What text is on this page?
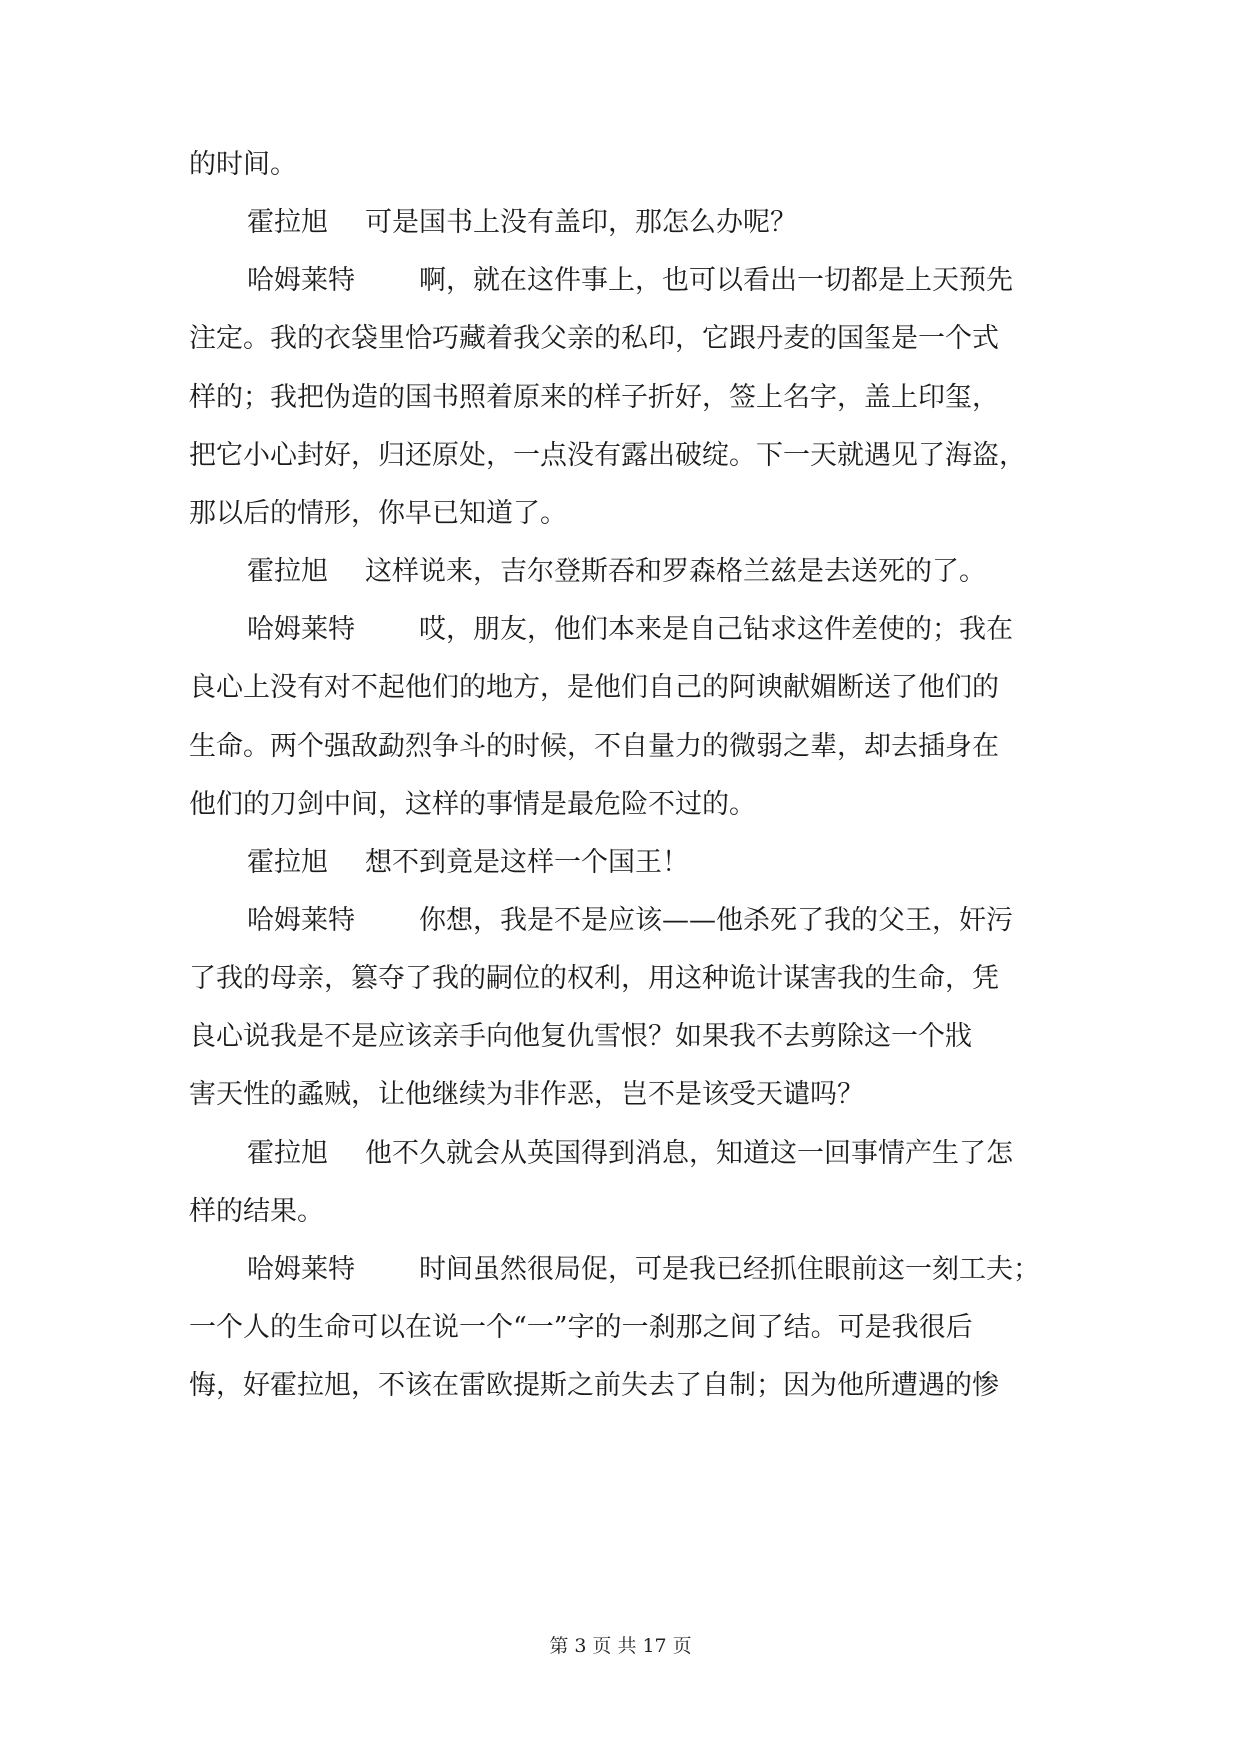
的时间。
霍拉旭 可是国书上没有盖印，那怎么办呢？
哈姆莱特 啊，就在这件事上，也可以看出一切都是上天预先
注定。我的衣袋里恰巧藏着我父亲的私印，它跟丹麦的国玺是一个式
样的；我把伪造的国书照着原来的样子折好，签上名字，盖上印玺，
把它小心封好，归还原处，一点没有露出破绽。下一天就遇见了海盗，
那以后的情形，你早已知道了。
霍拉旭 这样说来，吉尔登斯吞和罗森格兰兹是去送死的了。
哈姆莱特 哎，朋友，他们本来是自己钻求这件差使的；我在
良心上没有对不起他们的地方，是他们自己的阿谀献媚断送了他们的
生命。两个强敌勐烈争斗的时候，不自量力的微弱之辈，却去插身在
他们的刀剑中间，这样的事情是最危险不过的。
霍拉旭 想不到竟是这样一个国王！
哈姆莱特 你想，我是不是应该——他杀死了我的父王，奸污
了我的母亲，篡夺了我的嗣位的权利，用这种诡计谋害我的生命，凭
良心说我是不是应该亲手向他复仇雪恨？如果我不去剪除这一个戕
害天性的蟊贼，让他继续为非作恶，岂不是该受天谴吗？
霍拉旭 他不久就会从英国得到消息，知道这一回事情产生了怎
样的结果。
哈姆莱特 时间虽然很局促，可是我已经抓住眼前这一刻工夫；
一个人的生命可以在说一个“一”字的一刹那之间了结。可是我很后
悔，好霍拉旭，不该在雷欧提斯之前失去了自制；因为他所遭遇的惨
第 3 页 共 17 页
